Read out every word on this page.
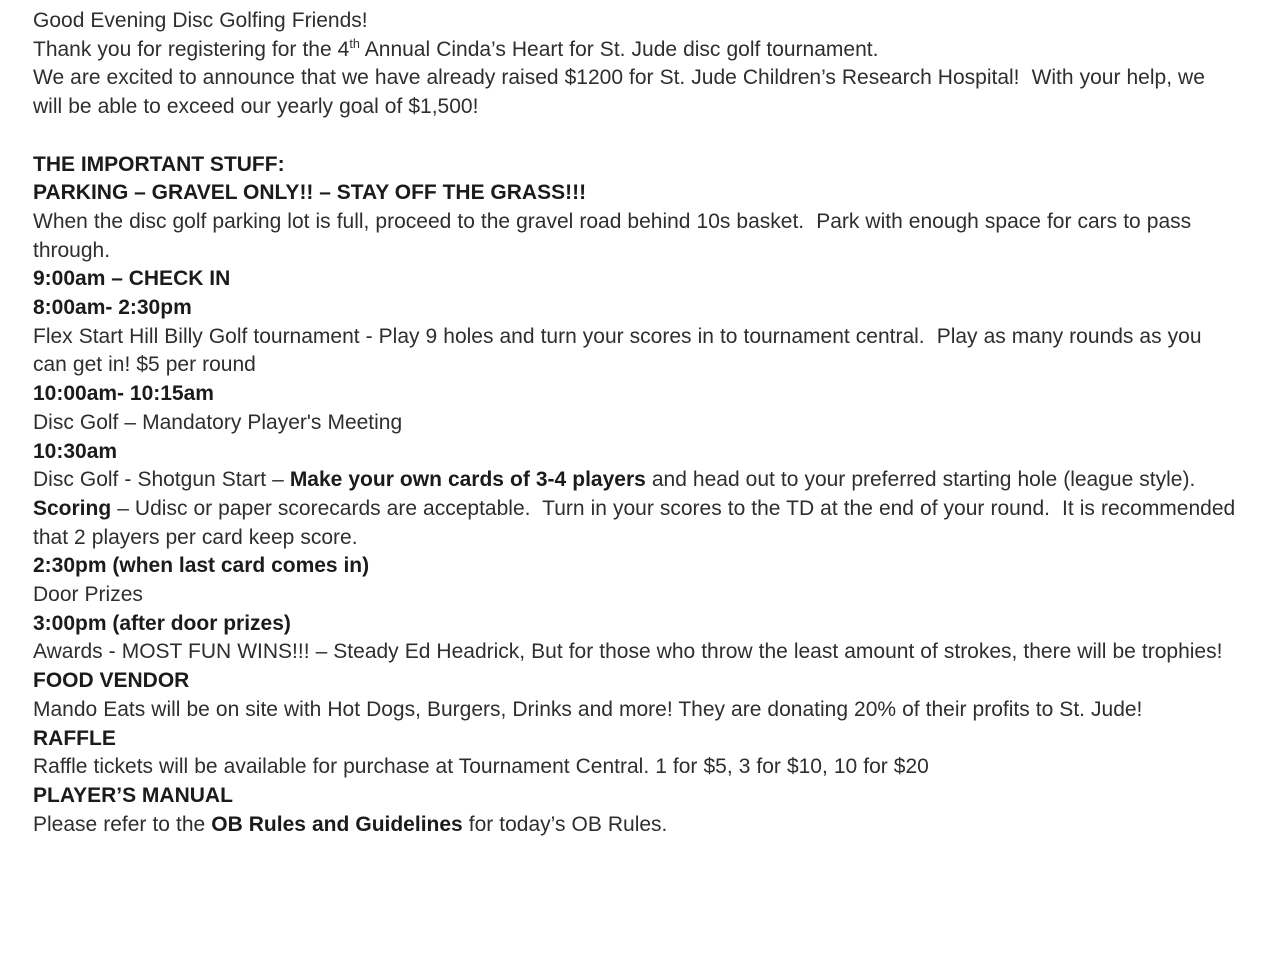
Good Evening Disc Golfing Friends!

Thank you for registering for the 4th Annual Cinda’s Heart for St. Jude disc golf tournament.

We are excited to announce that we have already raised $1200 for St. Jude Children’s Research Hospital!  With your help, we will be able to exceed our yearly goal of $1,500!

THE IMPORTANT STUFF:

PARKING – GRAVEL ONLY!! – STAY OFF THE GRASS!!!

When the disc golf parking lot is full, proceed to the gravel road behind 10s basket.  Park with enough space for cars to pass through.

9:00am – CHECK IN

8:00am- 2:30pm

Flex Start Hill Billy Golf tournament - Play 9 holes and turn your scores in to tournament central.  Play as many rounds as you can get in! $5 per round

10:00am- 10:15am

Disc Golf – Mandatory Player's Meeting

10:30am

Disc Golf - Shotgun Start – Make your own cards of 3-4 players and head out to your preferred starting hole (league style).

Scoring – Udisc or paper scorecards are acceptable.  Turn in your scores to the TD at the end of your round.  It is recommended that 2 players per card keep score.

2:30pm (when last card comes in)

Door Prizes

3:00pm (after door prizes)

Awards - MOST FUN WINS!!! – Steady Ed Headrick, But for those who throw the least amount of strokes, there will be trophies!

FOOD VENDOR

Mando Eats will be on site with Hot Dogs, Burgers, Drinks and more! They are donating 20% of their profits to St. Jude!

RAFFLE

Raffle tickets will be available for purchase at Tournament Central. 1 for $5, 3 for $10, 10 for $20

PLAYER’S MANUAL

Please refer to the OB Rules and Guidelines for today’s OB Rules.
